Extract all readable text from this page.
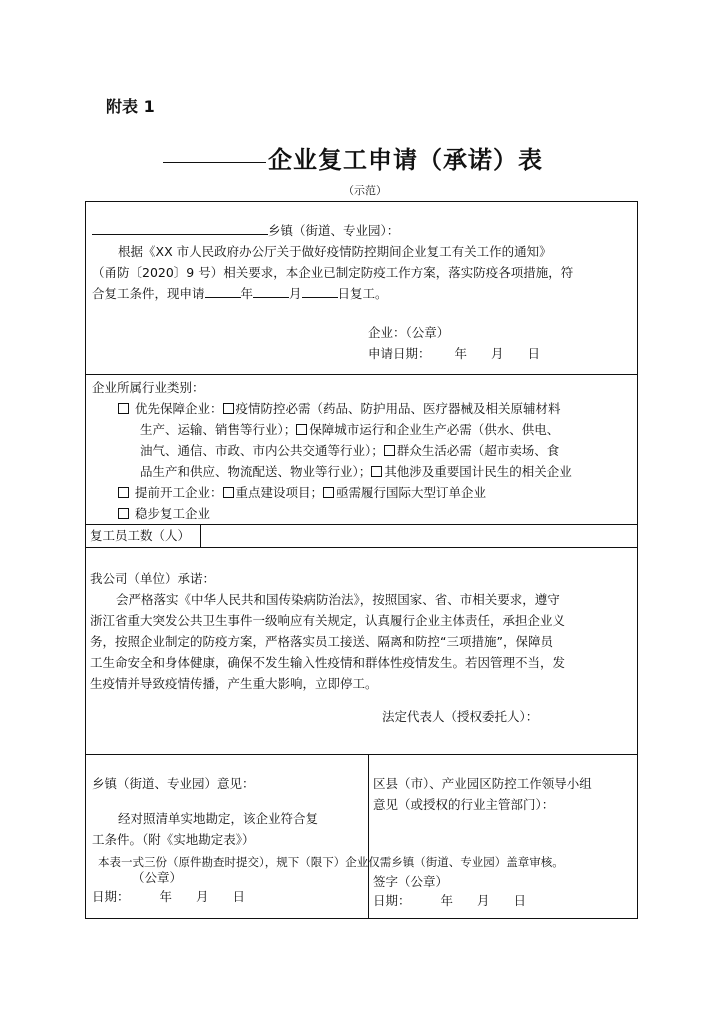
附表 1
企业复工申请（承诺）表
（示范）
乡镇（街道、专业园）：
根据《XX 市人民政府办公厅关于做好疫情防控期间企业复工有关工作的通知》
（甬防〔2020〕9 号）相关要求，本企业已制定防疫工作方案，落实防疫各项措施，符
合复工条件，现申请	年	月	日复工。
企业：（公章）
申请日期： 年 月 日

企业所属行业类别：
优先保障企业： 疫情防控必需（药品、防护用品、医疗器械及相关原辅材料
生产、运输、销售等行业）； 保障城市运行和企业生产必需（供水、供电、
油气、通信、市政、市内公共交通等行业）； 群众生活必需（超市卖场、食
品生产和供应、物流配送、物业等行业）； 其他涉及重要国计民生的相关企业
提前开工企业： 重点建设项目； 亟需履行国际大型订单企业
稳步复工企业

复工员工数（人）

我公司（单位）承诺：
会严格落实《中华人民共和国传染病防治法》，按照国家、省、市相关要求，遵守
浙江省重大突发公共卫生事件一级响应有关规定，认真履行企业主体责任，承担企业义
务，按照企业制定的防疫方案，严格落实员工接送、隔离和防控“三项措施”，保障员
工生命安全和身体健康，确保不发生输入性疫情和群体性疫情发生。若因管理不当，发
生疫情并导致疫情传播，产生重大影响，立即停工。
法定代表人（授权委托人）：

乡镇（街道、专业园）意见：
经对照清单实地勘定，该企业符合复
工条件。（附《实地勘定表》）
（公章）
日期： 年 月 日

区县（市）、产业园区防控工作领导小组
意见（或授权的行业主管部门）：
签字（公章）
日期： 年 月 日
本表一式三份（原件勘查时提交），规下（限下）企业仅需乡镇（街道、专业园）盖章审核。
